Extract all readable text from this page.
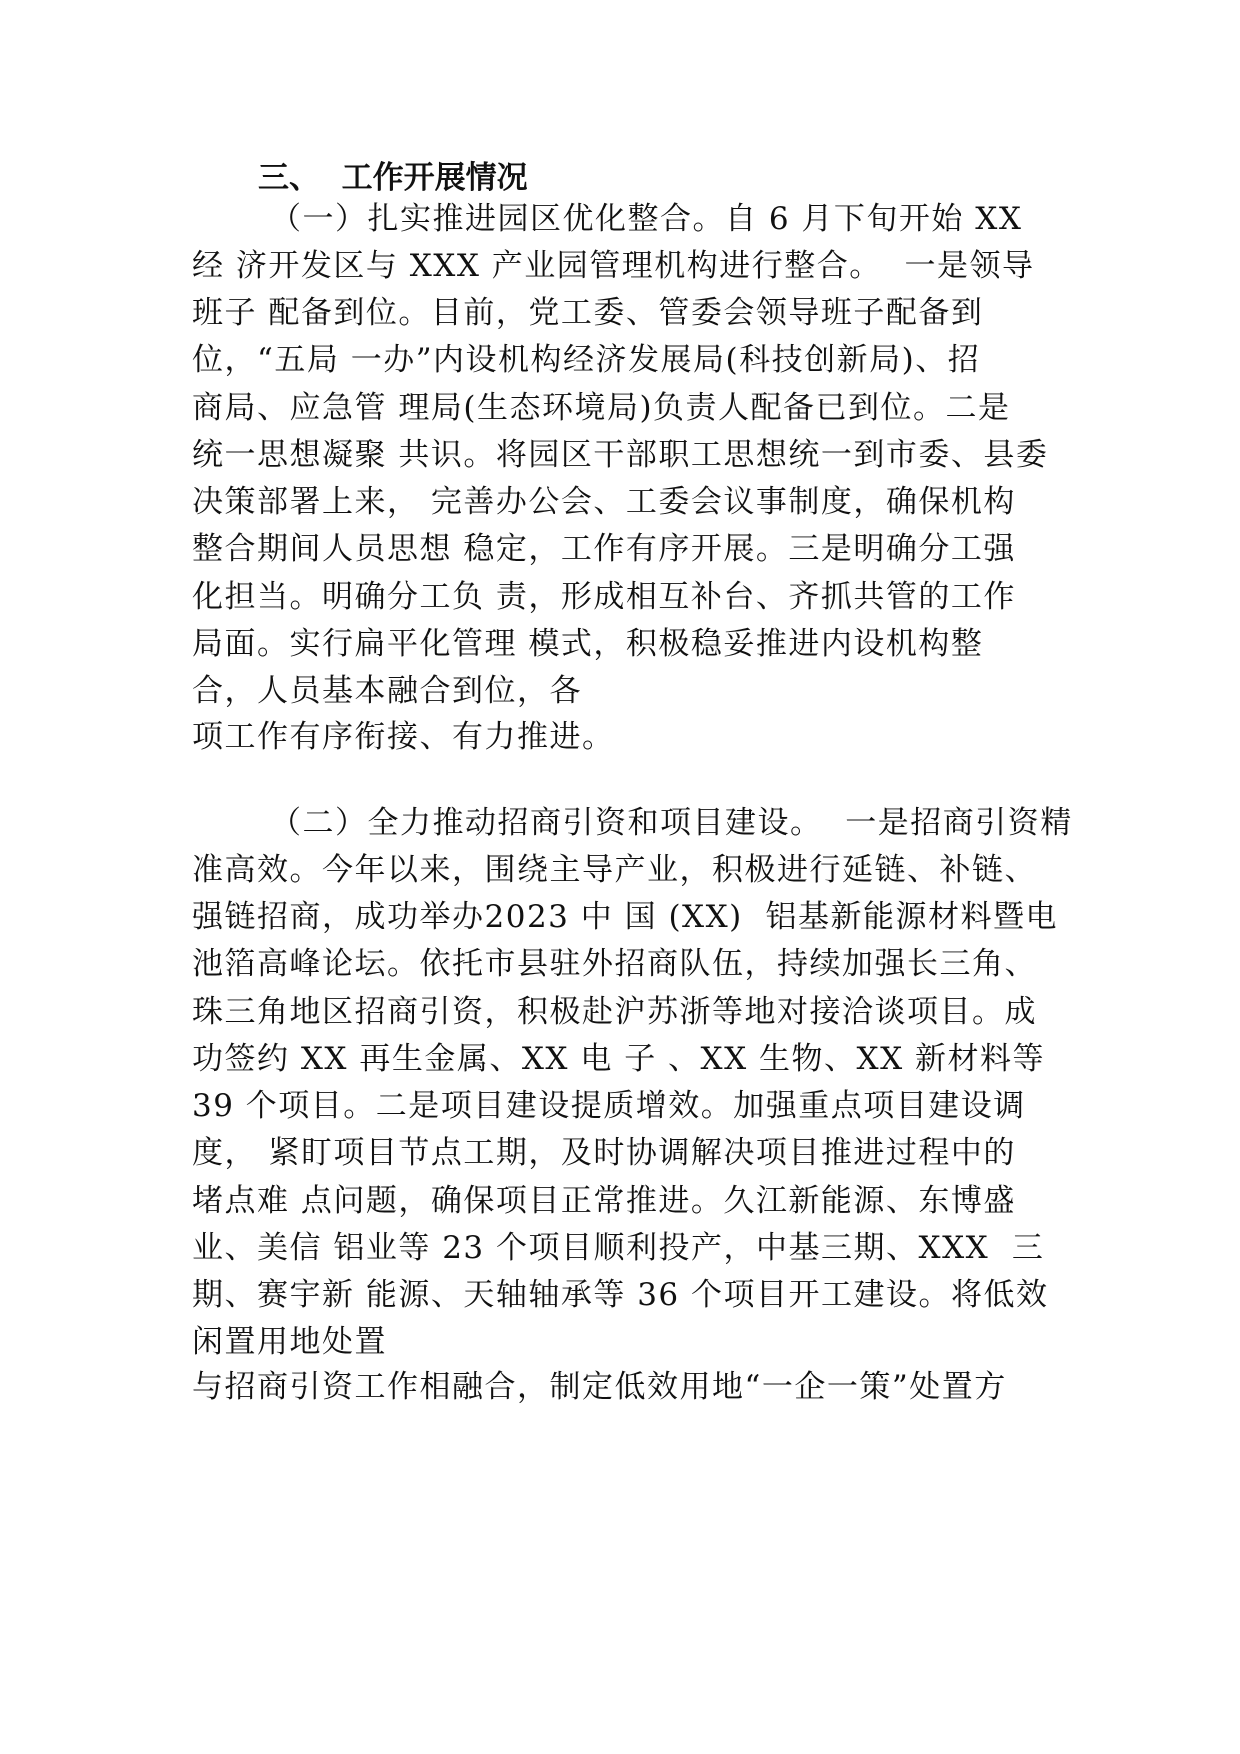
三、  工作开展情况

（一）扎实推进园区优化整合。自 6 月下旬开始 XX

经 济开发区与 XXX 产业园管理机构进行整合。  一是领导

班子 配备到位。目前，党工委、管委会领导班子配备到

位，“五局 一办”内设机构经济发展局(科技创新局)、招

商局、应急管 理局(生态环境局)负责人配备已到位。二是

统一思想凝聚 共识。将园区干部职工思想统一到市委、县委

决策部署上来， 完善办公会、工委会议事制度，确保机构

整合期间人员思想 稳定，工作有序开展。三是明确分工强

化担当。明确分工负 责，形成相互补台、齐抓共管的工作

局面。实行扁平化管理 模式，积极稳妥推进内设机构整

合，人员基本融合到位，各

项工作有序衔接、有力推进。

（二）全力推动招商引资和项目建设。  一是招商引资精

准高效。今年以来，围绕主导产业，积极进行延链、补链、

强链招商，成功举办2023 中 国 (XX)  铝基新能源材料暨电

池箔高峰论坛。依托市县驻外招商队伍，持续加强长三角、

珠三角地区招商引资，积极赴沪苏浙等地对接洽谈项目。成

功签约 XX 再生金属、XX 电 子 、XX 生物、XX 新材料等

39 个项目。二是项目建设提质增效。加强重点项目建设调

度， 紧盯项目节点工期，及时协调解决项目推进过程中的

堵点难 点问题，确保项目正常推进。久江新能源、东博盛

业、美信 铝业等 23 个项目顺利投产，中基三期、XXX  三

期、赛宇新 能源、天轴轴承等 36 个项目开工建设。将低效

闲置用地处置

与招商引资工作相融合，制定低效用地“一企一策”处置方
